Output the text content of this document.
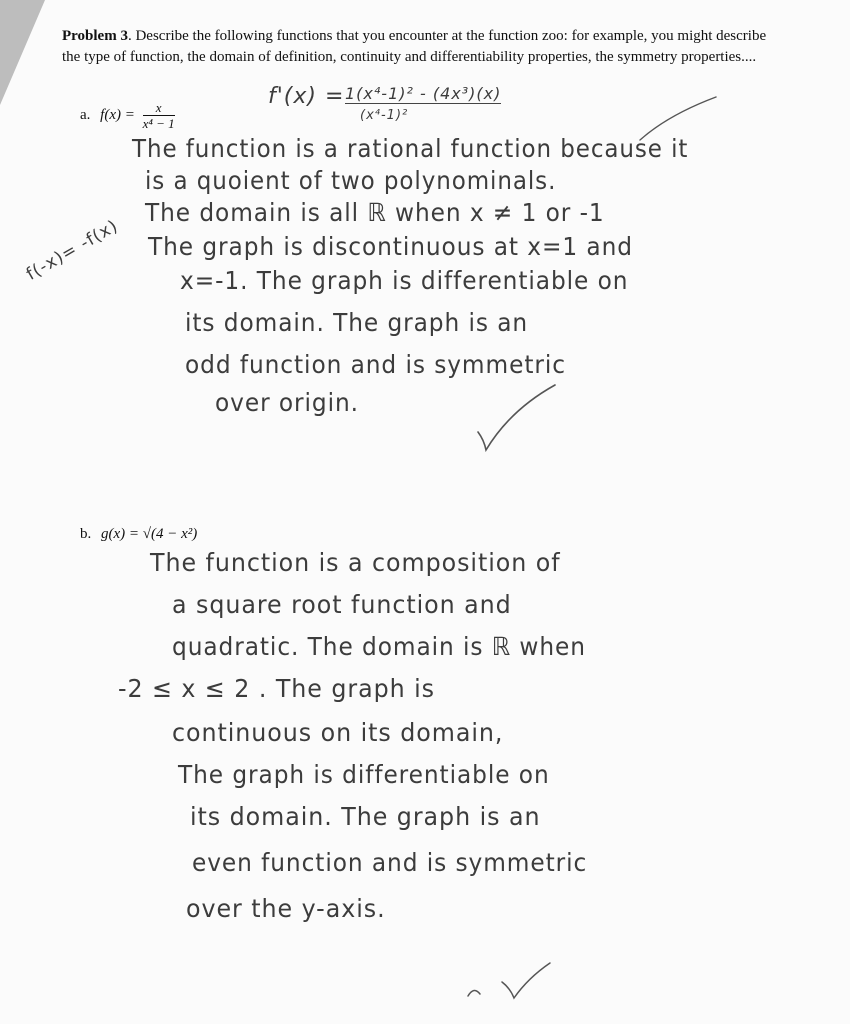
Problem 3. Describe the following functions that you encounter at the function zoo: for example, you might describe the type of function, the domain of definition, continuity and differentiability properties, the symmetry properties....
a. $f(x) = \frac{x}{\text{x⁴ − 1}}$
f'(x) = 1(x⁴-1)² - (4x³)(x)
(x⁴-1)²
f(-x)= -f(x)
The function is a rational function because it
is a quoient of two polynominals.
The domain is all ℝ when x ≠ 1 or -1
The graph is discontinuous at x=1 and
x=-1. The graph is differentiable on
its domain. The graph is an
odd function and is symmetric
over origin.
b. g(x) = √(4 − x²)
The function is a composition of
a square root function and
quadratic. The domain is ℝ when
-2 ≤ x ≤ 2 . The graph is
continuous on its domain,
The graph is differentiable on
its domain. The graph is an
even function and is symmetric
over the y-axis.
